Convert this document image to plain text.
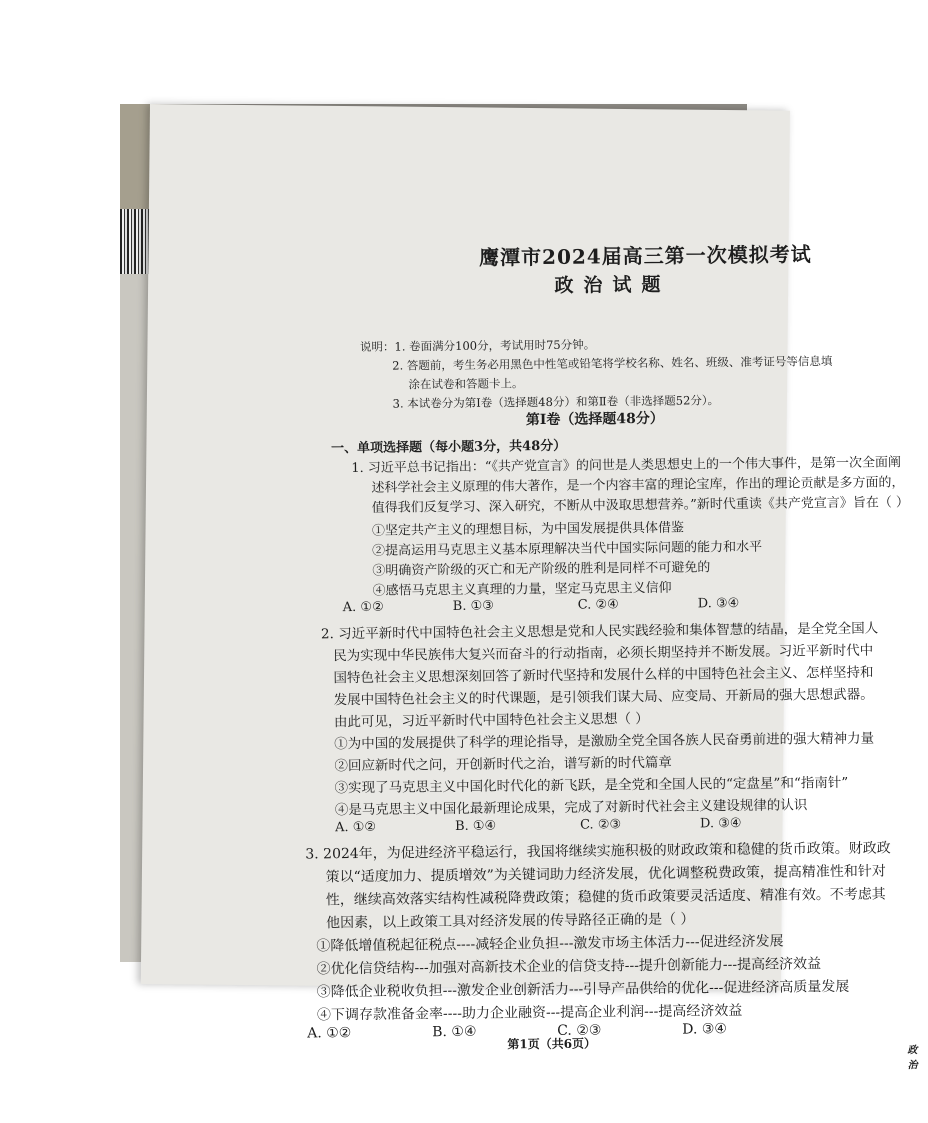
鹰潭市2024届高三第一次模拟考试
政治试题
说明：1. 卷面满分100分，考试用时75分钟。
2. 答题前，考生务必用黑色中性笔或铅笔将学校名称、姓名、班级、准考证号等信息填
涂在试卷和答题卡上。
3. 本试卷分为第Ⅰ卷（选择题48分）和第Ⅱ卷（非选择题52分）。
第Ⅰ卷（选择题48分）
一、单项选择题（每小题3分，共48分）
1. 习近平总书记指出：“《共产党宣言》的问世是人类思想史上的一个伟大事件，是第一次全面阐
述科学社会主义原理的伟大著作，是一个内容丰富的理论宝库，作出的理论贡献是多方面的，
值得我们反复学习、深入研究，不断从中汲取思想营养。”新时代重读《共产党宣言》旨在（ ）
①坚定共产主义的理想目标，为中国发展提供具体借鉴
②提高运用马克思主义基本原理解决当代中国实际问题的能力和水平
③明确资产阶级的灭亡和无产阶级的胜利是同样不可避免的
④感悟马克思主义真理的力量，坚定马克思主义信仰
A. ①②	B. ①③	C. ②④	D. ③④
2. 习近平新时代中国特色社会主义思想是党和人民实践经验和集体智慧的结晶，是全党全国人
民为实现中华民族伟大复兴而奋斗的行动指南，必须长期坚持并不断发展。习近平新时代中
国特色社会主义思想深刻回答了新时代坚持和发展什么样的中国特色社会主义、怎样坚持和
发展中国特色社会主义的时代课题，是引领我们谋大局、应变局、开新局的强大思想武器。
由此可见，习近平新时代中国特色社会主义思想（ ）
①为中国的发展提供了科学的理论指导，是激励全党全国各族人民奋勇前进的强大精神力量
②回应新时代之问，开创新时代之治，谱写新的时代篇章
③实现了马克思主义中国化时代化的新飞跃，是全党和全国人民的“定盘星”和“指南针”
④是马克思主义中国化最新理论成果，完成了对新时代社会主义建设规律的认识
A. ①②	B. ①④	C. ②③	D. ③④
3. 2024年，为促进经济平稳运行，我国将继续实施积极的财政政策和稳健的货币政策。财政政
策以“适度加力、提质增效”为关键词助力经济发展，优化调整税费政策，提高精准性和针对
性，继续高效落实结构性减税降费政策；稳健的货币政策要灵活适度、精准有效。不考虑其
他因素，以上政策工具对经济发展的传导路径正确的是（ ）
①降低增值税起征税点----减轻企业负担---激发市场主体活力---促进经济发展
②优化信贷结构---加强对高新技术企业的信贷支持---提升创新能力---提高经济效益
③降低企业税收负担---激发企业创新活力---引导产品供给的优化---促进经济高质量发展
④下调存款准备金率----助力企业融资---提高企业利润---提高经济效益
A. ①②	B. ①④	C. ②③	D. ③④
第1页（共6页）	政治
